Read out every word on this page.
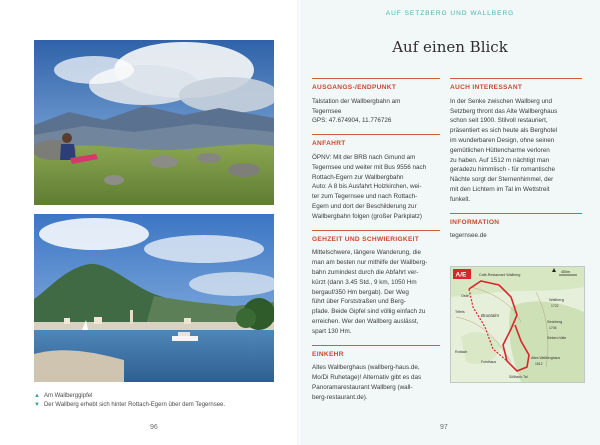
▲ Am Wallberggipfel
▼ Der Wallberg erhebt sich hinter Rottach-Egern über dem Tegernsee.
96	97
AUF SETZBERG UND WALLBERG
Auf einen Blick
AUSGANGS-/ENDPUNKT

Talstation der Wallbergbahn am

Tegernsee

GPS: 47.674904, 11.776726

ANFAHRT

ÖPNV: Mit der BRB nach Gmund am

Tegernsee und weiter mit Bus 9556 nach

Rottach-Egern zur Wallbergbahn

Auto: A 8 bis Ausfahrt Holzkirchen, wei-

ter zum Tegernsee und nach Rottach-

Egern und dort der Beschilderung zur

Wallbergbahn folgen (großer Parkplatz)

GEHZEIT UND SCHWIERIGKEIT

Mittelschwere, längere Wanderung, die

man am besten nur mithilfe der Wallberg-

bahn zumindest durch die Abfahrt ver-

kürzt (dann 3.45 Std., 9 km, 1050 Hm

bergauf/350 Hm bergab). Der Weg

führt über Forststraßen und Berg-

pfade. Beide Gipfel sind völlig einfach zu

erreichen. Wer den Wallberg auslässt,

spart 130 Hm.

EINKEHR

Altes Wallberghaus (wallberg-haus.de,

Mo/Di Ruhetage)! Alternativ gibt es das

Panoramarestaurant Wallberg (wall-

berg-restaurant.de).

AUCH INTERESSANT

In der Senke zwischen Wallberg und

Setzberg thront das Alte Wallberghaus

schon seit 1900. Stilvoll restauriert,

präsentiert es sich heute als Berghotel

im wunderbaren Design, ohne seinen

gemütlichen Hüttencharme verloren

zu haben. Auf 1512 m nächtigt man

geradezu himmlisch - für romantische

Nächte sorgt der Sternenhimmel, der

mit den Lichtern im Tal im Wettstreit

funkelt.

INFORMATION

tegernsee.de

A/E	Café-Restaurant Wallberg
Ostin
Trifels
Bruntalm
Wallberg
1722
Setzberg
1706
Rottach
Sieben-hütte
Forsthaus
Altes Wallberghaus
1512
Söllbach-Tal
450m
